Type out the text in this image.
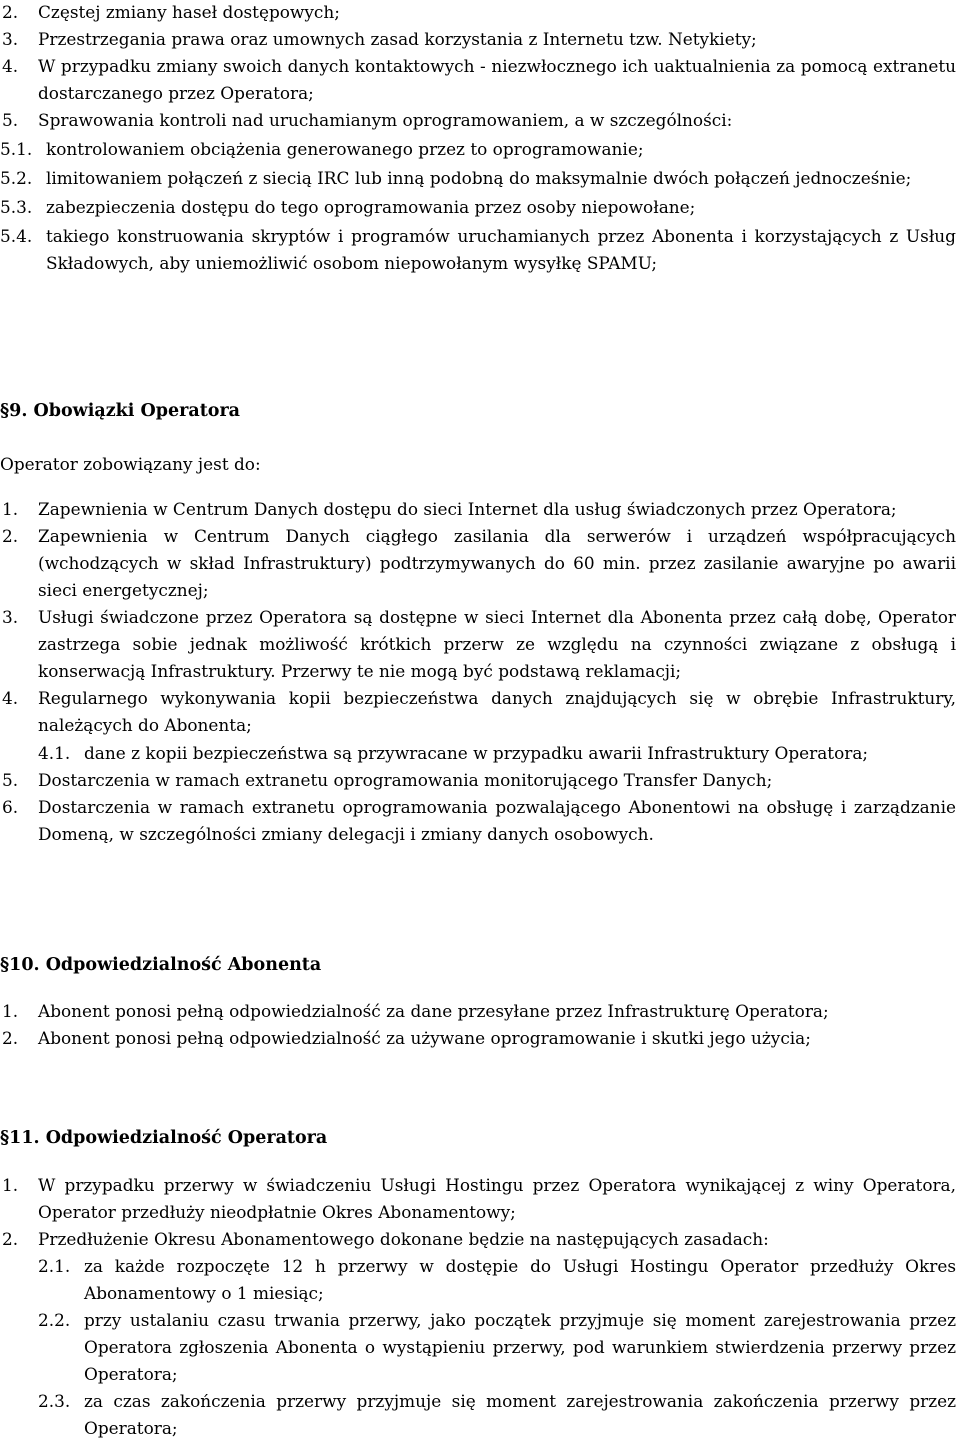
2.	Częstej zmiany haseł dostępowych;
3.	Przestrzegania prawa oraz umownych zasad korzystania z Internetu tzw. Netykiety;
4.	W przypadku zmiany swoich danych kontaktowych - niezwłocznego ich uaktualnienia za pomocą extranetu dostarczanego przez Operatora;
5.	Sprawowania kontroli nad uruchamianym oprogramowaniem, a w szczególności:
5.1. kontrolowaniem obciążenia generowanego przez to oprogramowanie;
5.2. limitowaniem połączeń z siecią IRC lub inną podobną do maksymalnie dwóch połączeń jednocześnie;
5.3. zabezpieczenia dostępu do tego oprogramowania przez osoby niepowołane;
5.4. takiego konstruowania skryptów i programów uruchamianych przez Abonenta i korzystających z Usług Składowych, aby uniemożliwić osobom niepowołanym wysyłkę SPAMU;
§9. Obowiązki Operatora
Operator zobowiązany jest do:
1.	Zapewnienia w Centrum Danych dostępu do sieci Internet dla usług świadczonych przez Operatora;
2.	Zapewnienia w Centrum Danych ciągłego zasilania dla serwerów i urządzeń współpracujących (wchodzących w skład Infrastruktury) podtrzymywanych do 60 min. przez zasilanie awaryjne po awarii sieci energetycznej;
3.	Usługi świadczone przez Operatora są dostępne w sieci Internet dla Abonenta przez całą dobę, Operator zastrzega sobie jednak możliwość krótkich przerw ze względu na czynności związane z obsługą i konserwacją Infrastruktury. Przerwy te nie mogą być podstawą reklamacji;
4.	Regularnego wykonywania kopii bezpieczeństwa danych znajdujących się w obrębie Infrastruktury, należących do Abonenta;
4.1. dane z kopii bezpieczeństwa są przywracane w przypadku awarii Infrastruktury Operatora;
5.	Dostarczenia w ramach extranetu oprogramowania monitorującego Transfer Danych;
6.	Dostarczenia w ramach extranetu oprogramowania pozwalającego Abonentowi na obsługę i zarządzanie Domeną, w szczególności zmiany delegacji i zmiany danych osobowych.
§10. Odpowiedzialność Abonenta
1.	Abonent ponosi pełną odpowiedzialność za dane przesyłane przez Infrastrukturę Operatora;
2.	Abonent ponosi pełną odpowiedzialność za używane oprogramowanie i skutki jego użycia;
§11. Odpowiedzialność Operatora
1.	W przypadku przerwy w świadczeniu Usługi Hostingu przez Operatora wynikającej z winy Operatora, Operator przedłuży nieodpłatnie Okres Abonamentowy;
2.	Przedłużenie Okresu Abonamentowego dokonane będzie na następujących zasadach:
2.1. za każde rozpoczęte 12 h przerwy w dostępie do Usługi Hostingu Operator przedłuży Okres Abonamentowy o 1 miesiąc;
2.2. przy ustalaniu czasu trwania przerwy, jako początek przyjmuje się moment zarejestrowania przez Operatora zgłoszenia Abonenta o wystąpieniu przerwy, pod warunkiem stwierdzenia przerwy przez Operatora;
2.3. za czas zakończenia przerwy przyjmuje się moment zarejestrowania zakończenia przerwy przez Operatora;
